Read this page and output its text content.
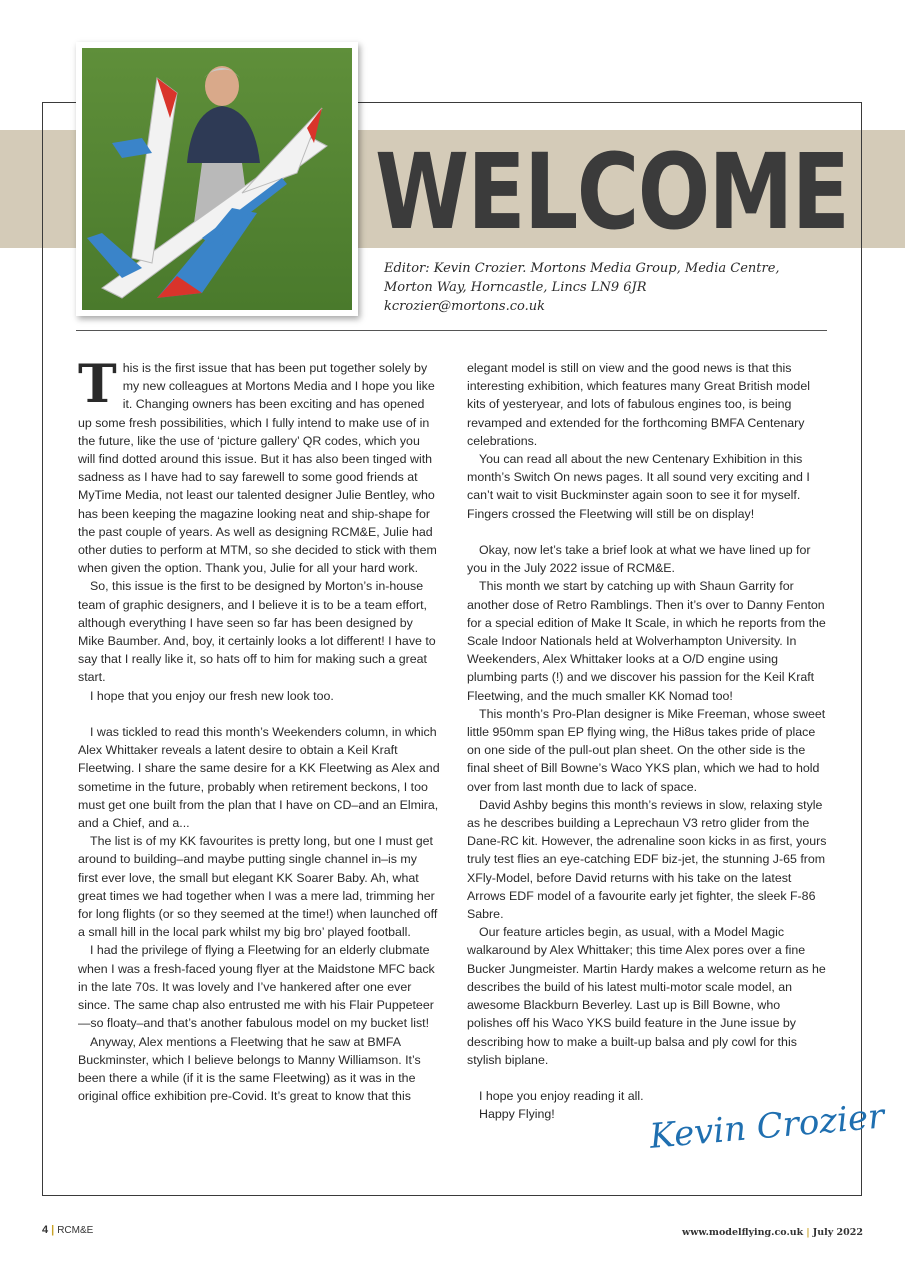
WELCOME
Editor: Kevin Crozier. Mortons Media Group, Media Centre,
Morton Way, Horncastle, Lincs LN9 6JR
kcrozier@mortons.co.uk

This is the first issue that has been put together solely by my new colleagues at Mortons Media and I hope you like it. Changing owners has been exciting and has opened up some fresh possibilities, which I fully intend to make use of in the future, like the use of ‘picture gallery’ QR codes, which you will find dotted around this issue. But it has also been tinged with sadness as I have had to say farewell to some good friends at MyTime Media, not least our talented designer Julie Bentley, who has been keeping the magazine looking neat and ship-shape for the past couple of years. As well as designing RCM&E, Julie had other duties to perform at MTM, so she decided to stick with them when given the option. Thank you, Julie for all your hard work.

So, this issue is the first to be designed by Morton’s in-house team of graphic designers, and I believe it is to be a team effort, although everything I have seen so far has been designed by Mike Baumber. And, boy, it certainly looks a lot different! I have to say that I really like it, so hats off to him for making such a great start.

I hope that you enjoy our fresh new look too.

I was tickled to read this month’s Weekenders column, in which Alex Whittaker reveals a latent desire to obtain a Keil Kraft Fleetwing. I share the same desire for a KK Fleetwing as Alex and sometime in the future, probably when retirement beckons, I too must get one built from the plan that I have on CD–and an Elmira, and a Chief, and a...

The list is of my KK favourites is pretty long, but one I must get around to building–and maybe putting single channel in–is my first ever love, the small but elegant KK Soarer Baby. Ah, what great times we had together when I was a mere lad, trimming her for long flights (or so they seemed at the time!) when launched off a small hill in the local park whilst my big bro’ played football.

I had the privilege of flying a Fleetwing for an elderly clubmate when I was a fresh-faced young flyer at the Maidstone MFC back in the late 70s. It was lovely and I’ve hankered after one ever since. The same chap also entrusted me with his Flair Puppeteer—so floaty–and that’s another fabulous model on my bucket list!

Anyway, Alex mentions a Fleetwing that he saw at BMFA Buckminster, which I believe belongs to Manny Williamson. It’s been there a while (if it is the same Fleetwing) as it was in the original office exhibition pre-Covid. It’s great to know that this

elegant model is still on view and the good news is that this interesting exhibition, which features many Great British model kits of yesteryear, and lots of fabulous engines too, is being revamped and extended for the forthcoming BMFA Centenary celebrations.

You can read all about the new Centenary Exhibition in this month’s Switch On news pages. It all sound very exciting and I can’t wait to visit Buckminster again soon to see it for myself. Fingers crossed the Fleetwing will still be on display!

Okay, now let’s take a brief look at what we have lined up for you in the July 2022 issue of RCM&E.

This month we start by catching up with Shaun Garrity for another dose of Retro Ramblings. Then it’s over to Danny Fenton for a special edition of Make It Scale, in which he reports from the Scale Indoor Nationals held at Wolverhampton University. In Weekenders, Alex Whittaker looks at a O/D engine using plumbing parts (!) and we discover his passion for the Keil Kraft Fleetwing, and the much smaller KK Nomad too!

This month’s Pro-Plan designer is Mike Freeman, whose sweet little 950mm span EP flying wing, the Hi8us takes pride of place on one side of the pull-out plan sheet. On the other side is the final sheet of Bill Bowne’s Waco YKS plan, which we had to hold over from last month due to lack of space.

David Ashby begins this month’s reviews in slow, relaxing style as he describes building a Leprechaun V3 retro glider from the Dane-RC kit. However, the adrenaline soon kicks in as first, yours truly test flies an eye-catching EDF biz-jet, the stunning J-65 from XFly-Model, before David returns with his take on the latest Arrows EDF model of a favourite early jet fighter, the sleek F-86 Sabre.

Our feature articles begin, as usual, with a Model Magic walkaround by Alex Whittaker; this time Alex pores over a fine Bucker Jungmeister. Martin Hardy makes a welcome return as he describes the build of his latest multi-motor scale model, an awesome Blackburn Beverley. Last up is Bill Bowne, who polishes off his Waco YKS build feature in the June issue by describing how to make a built-up balsa and ply cowl for this stylish biplane.

I hope you enjoy reading it all.

Happy Flying!	Kevin Crozier
4 | RCM&E	www.modelflying.co.uk | July 2022
